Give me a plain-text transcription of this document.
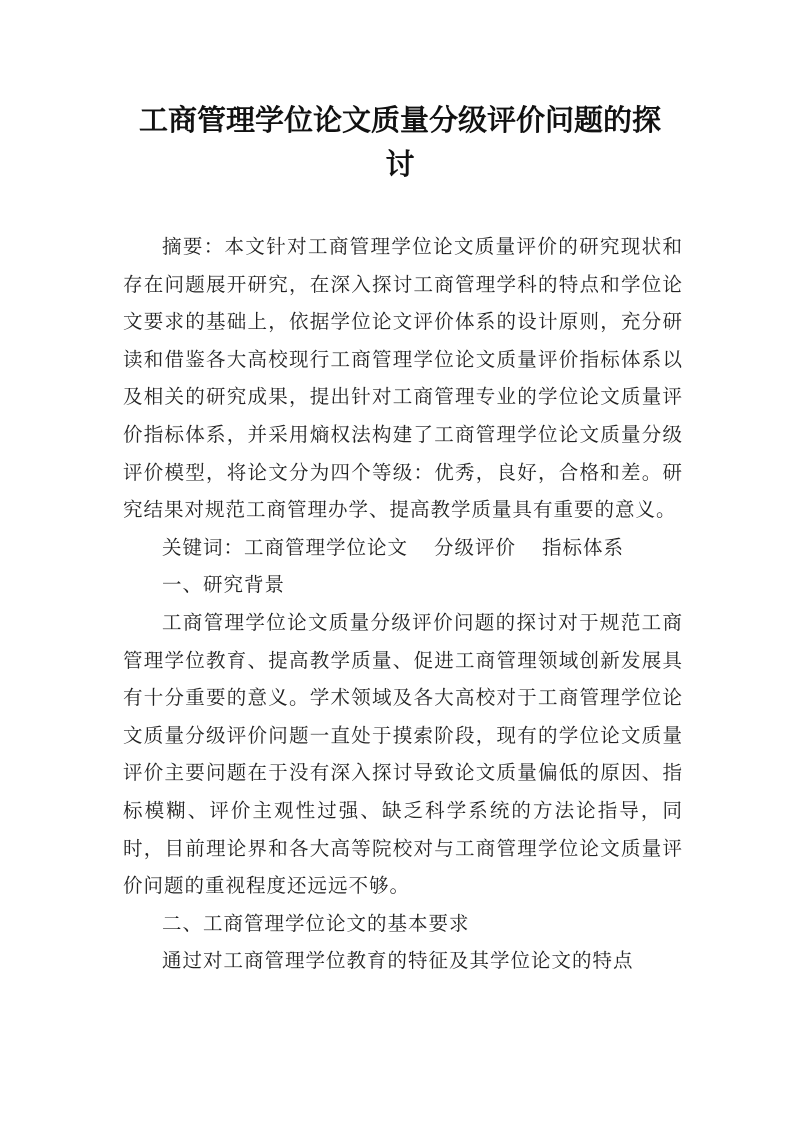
工商管理学位论文质量分级评价问题的探
讨

摘要：本文针对工商管理学位论文质量评价的研究现状和存在问题展开研究，在深入探讨工商管理学科的特点和学位论文要求的基础上，依据学位论文评价体系的设计原则，充分研读和借鉴各大高校现行工商管理学位论文质量评价指标体系以及相关的研究成果，提出针对工商管理专业的学位论文质量评价指标体系，并采用熵权法构建了工商管理学位论文质量分级评价模型，将论文分为四个等级：优秀，良好，合格和差。研究结果对规范工商管理办学、提高教学质量具有重要的意义。

关键词：工商管理学位论文 分级评价 指标体系

一、研究背景

工商管理学位论文质量分级评价问题的探讨对于规范工商管理学位教育、提高教学质量、促进工商管理领域创新发展具有十分重要的意义。学术领域及各大高校对于工商管理学位论文质量分级评价问题一直处于摸索阶段，现有的学位论文质量评价主要问题在于没有深入探讨导致论文质量偏低的原因、指标模糊、评价主观性过强、缺乏科学系统的方法论指导，同时，目前理论界和各大高等院校对与工商管理学位论文质量评价问题的重视程度还远远不够。

二、工商管理学位论文的基本要求

通过对工商管理学位教育的特征及其学位论文的特点
